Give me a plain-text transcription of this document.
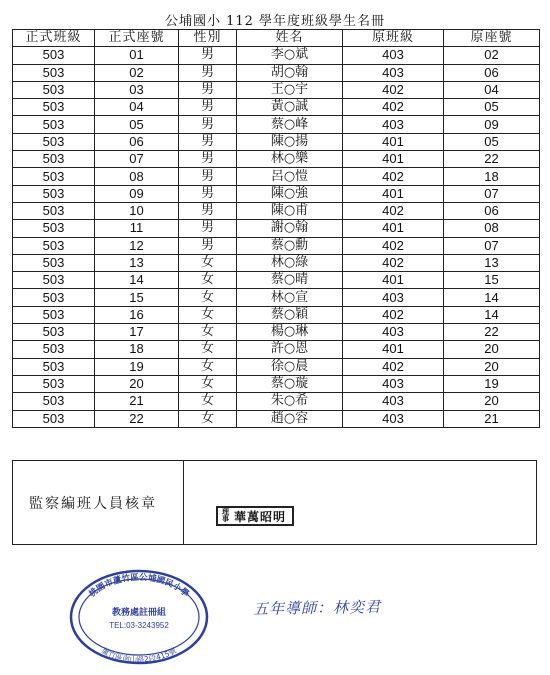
公埔國小 112 學年度班級學生名冊
正式班級	正式座號	性別	姓名	原班級	原座號
503	01	男	李○斌	403	02
503	02	男	胡○翰	403	06
503	03	男	王○宇	402	04
503	04	男	黃○誠	402	05
503	05	男	蔡○峰	403	09
503	06	男	陳○揚	401	05
503	07	男	林○樂	401	22
503	08	男	呂○愷	402	18
503	09	男	陳○強	401	07
503	10	男	陳○甫	402	06
503	11	男	謝○翰	401	08
503	12	男	蔡○勳	402	07
503	13	女	林○綠	402	13
503	14	女	蔡○晴	401	15
503	15	女	林○宣	403	14
503	16	女	蔡○穎	402	14
503	17	女	楊○琳	403	22
503	18	女	許○恩	401	20
503	19	女	徐○晨	402	20
503	20	女	蔡○璇	403	19
503	21	女	朱○希	403	20
503	22	女	趙○容	403	21
監察編班人員核章	理事 華萬昭明
桃園市蘆竹區公埔國民小學
教務處註冊組
TEL:03-3243952
蘆竹區南山路2段415號
五年導師：林奕君
